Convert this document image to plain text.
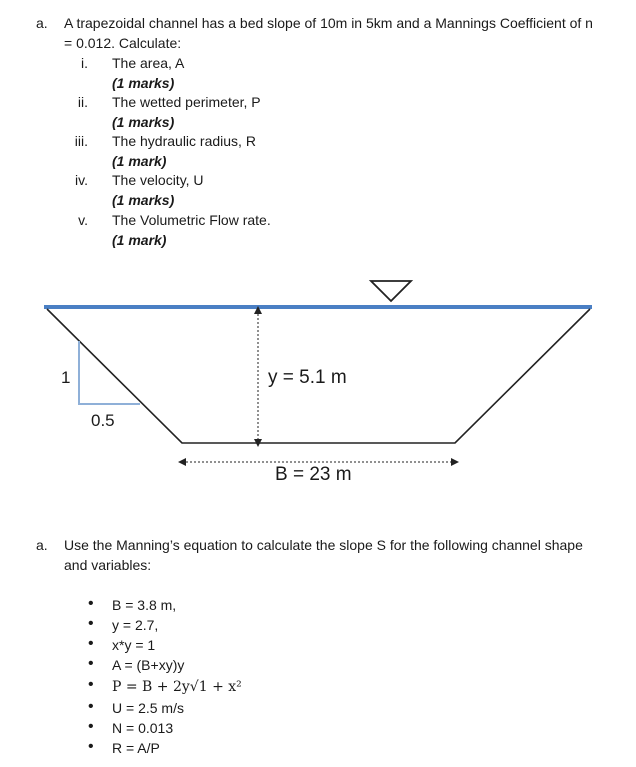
a. A trapezoidal channel has a bed slope of 10m in 5km and a Mannings Coefficient of n
= 0.012. Calculate:
i. The area, A
(1 marks)
ii. The wetted perimeter, P
(1 marks)
iii. The hydraulic radius, R
(1 mark)
iv. The velocity, U
(1 marks)
v. The Volumetric Flow rate.
(1 mark)
1
0.5
y = 5.1 m
B = 23 m
a. Use the Manning’s equation to calculate the slope S for the following channel shape
and variables:
• B = 3.8 m,
• y = 2.7,
• x*y = 1
• A = (B+xy)y
• P = B + 2y√1 + x²
• U = 2.5 m/s
• N = 0.013
• R = A/P
